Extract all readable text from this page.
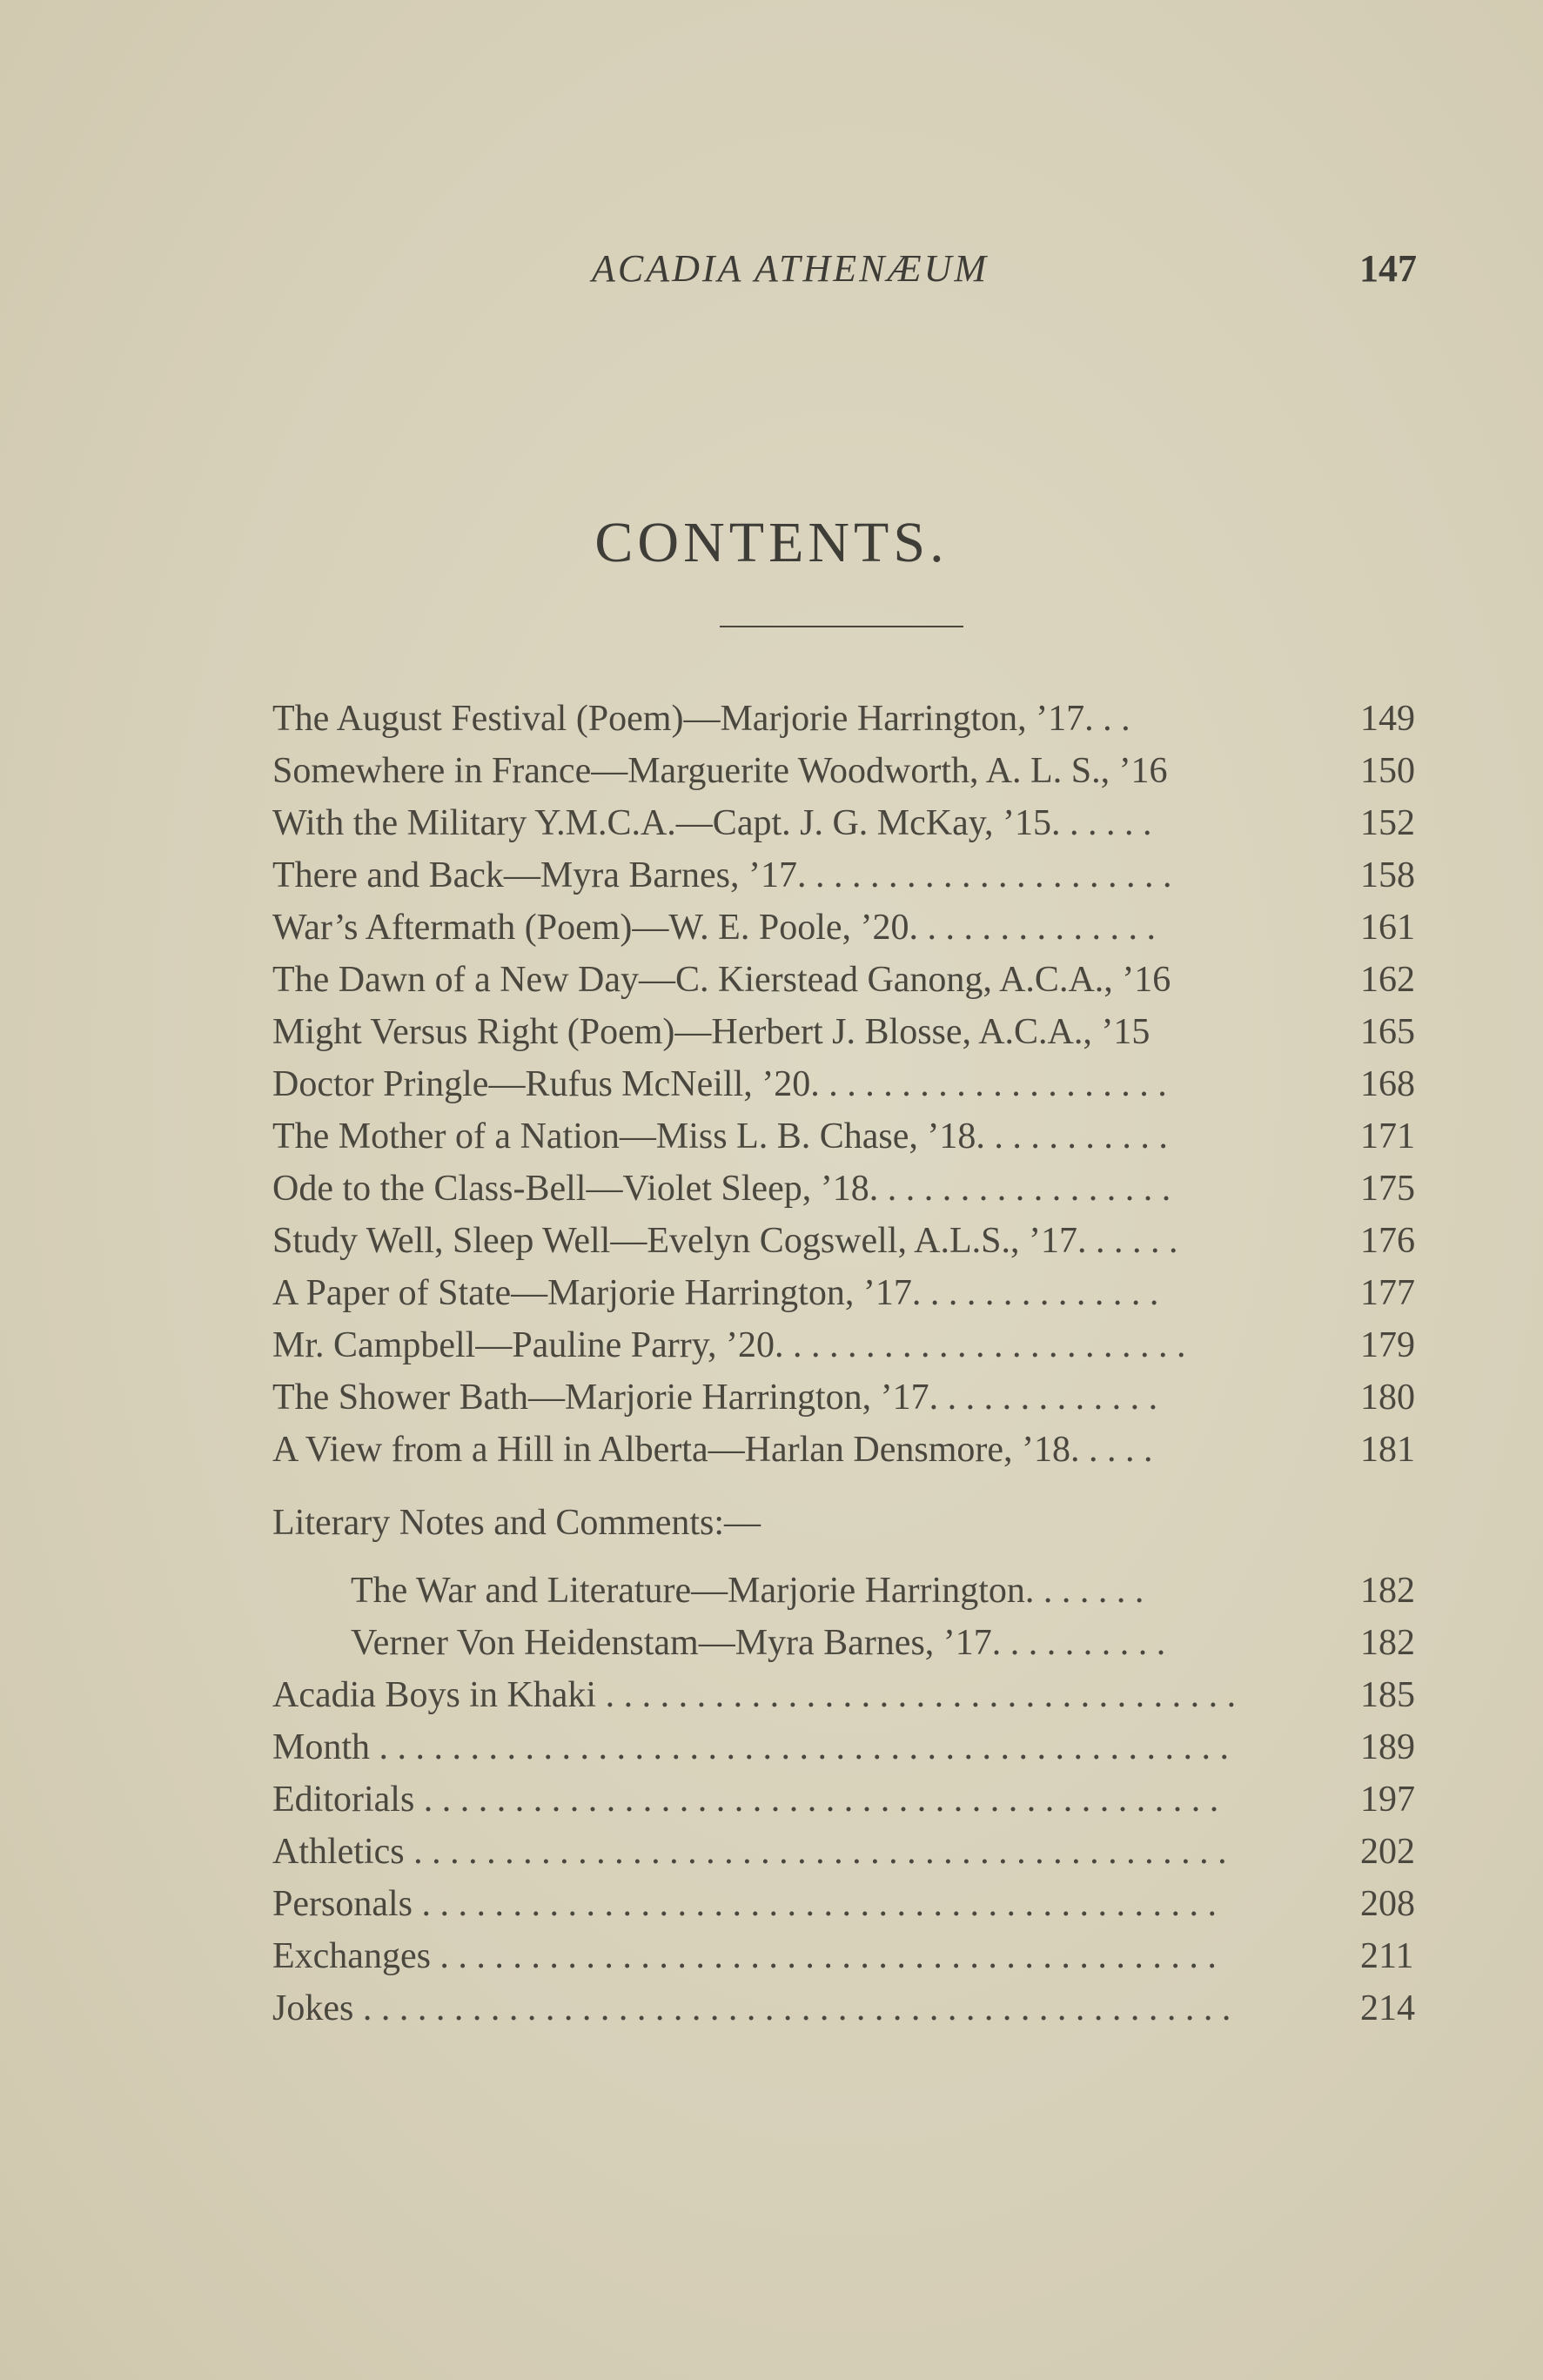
ACADIA ATHENÆUM	147
CONTENTS.
The August Festival (Poem)—Marjorie Harrington, ’17. . .	149
Somewhere in France—Marguerite Woodworth, A. L. S., ’16	150
With the Military Y.M.C.A.—Capt. J. G. McKay, ’15. . . . . .	152
There and Back—Myra Barnes, ’17. . . . . . . . . . . . . . . . . . . . .	158
War’s Aftermath (Poem)—W. E. Poole, ’20. . . . . . . . . . . . . .	161
The Dawn of a New Day—C. Kierstead Ganong, A.C.A., ’16	162
Might Versus Right (Poem)—Herbert J. Blosse, A.C.A., ’15	165
Doctor Pringle—Rufus McNeill, ’20. . . . . . . . . . . . . . . . . . . .	168
The Mother of a Nation—Miss L. B. Chase, ’18. . . . . . . . . . .	171
Ode to the Class-Bell—Violet Sleep, ’18. . . . . . . . . . . . . . . . .	175
Study Well, Sleep Well—Evelyn Cogswell, A.L.S., ’17. . . . . .	176
A Paper of State—Marjorie Harrington, ’17. . . . . . . . . . . . . .	177
Mr. Campbell—Pauline Parry, ’20. . . . . . . . . . . . . . . . . . . . . . .	179
The Shower Bath—Marjorie Harrington, ’17. . . . . . . . . . . . .	180
A View from a Hill in Alberta—Harlan Densmore, ’18. . . . .	181
Literary Notes and Comments:—
The War and Literature—Marjorie Harrington. . . . . . .	182
Verner Von Heidenstam—Myra Barnes, ’17. . . . . . . . . .	182
Acadia Boys in Khaki . . . . . . . . . . . . . . . . . . . . . . . . . . . . . . . . . . .	185
Month . . . . . . . . . . . . . . . . . . . . . . . . . . . . . . . . . . . . . . . . . . . . . . .	189
Editorials . . . . . . . . . . . . . . . . . . . . . . . . . . . . . . . . . . . . . . . . . . . .	197
Athletics . . . . . . . . . . . . . . . . . . . . . . . . . . . . . . . . . . . . . . . . . . . . .	202
Personals . . . . . . . . . . . . . . . . . . . . . . . . . . . . . . . . . . . . . . . . . . . .	208
Exchanges . . . . . . . . . . . . . . . . . . . . . . . . . . . . . . . . . . . . . . . . . . .	211
Jokes . . . . . . . . . . . . . . . . . . . . . . . . . . . . . . . . . . . . . . . . . . . . . . . .	214
